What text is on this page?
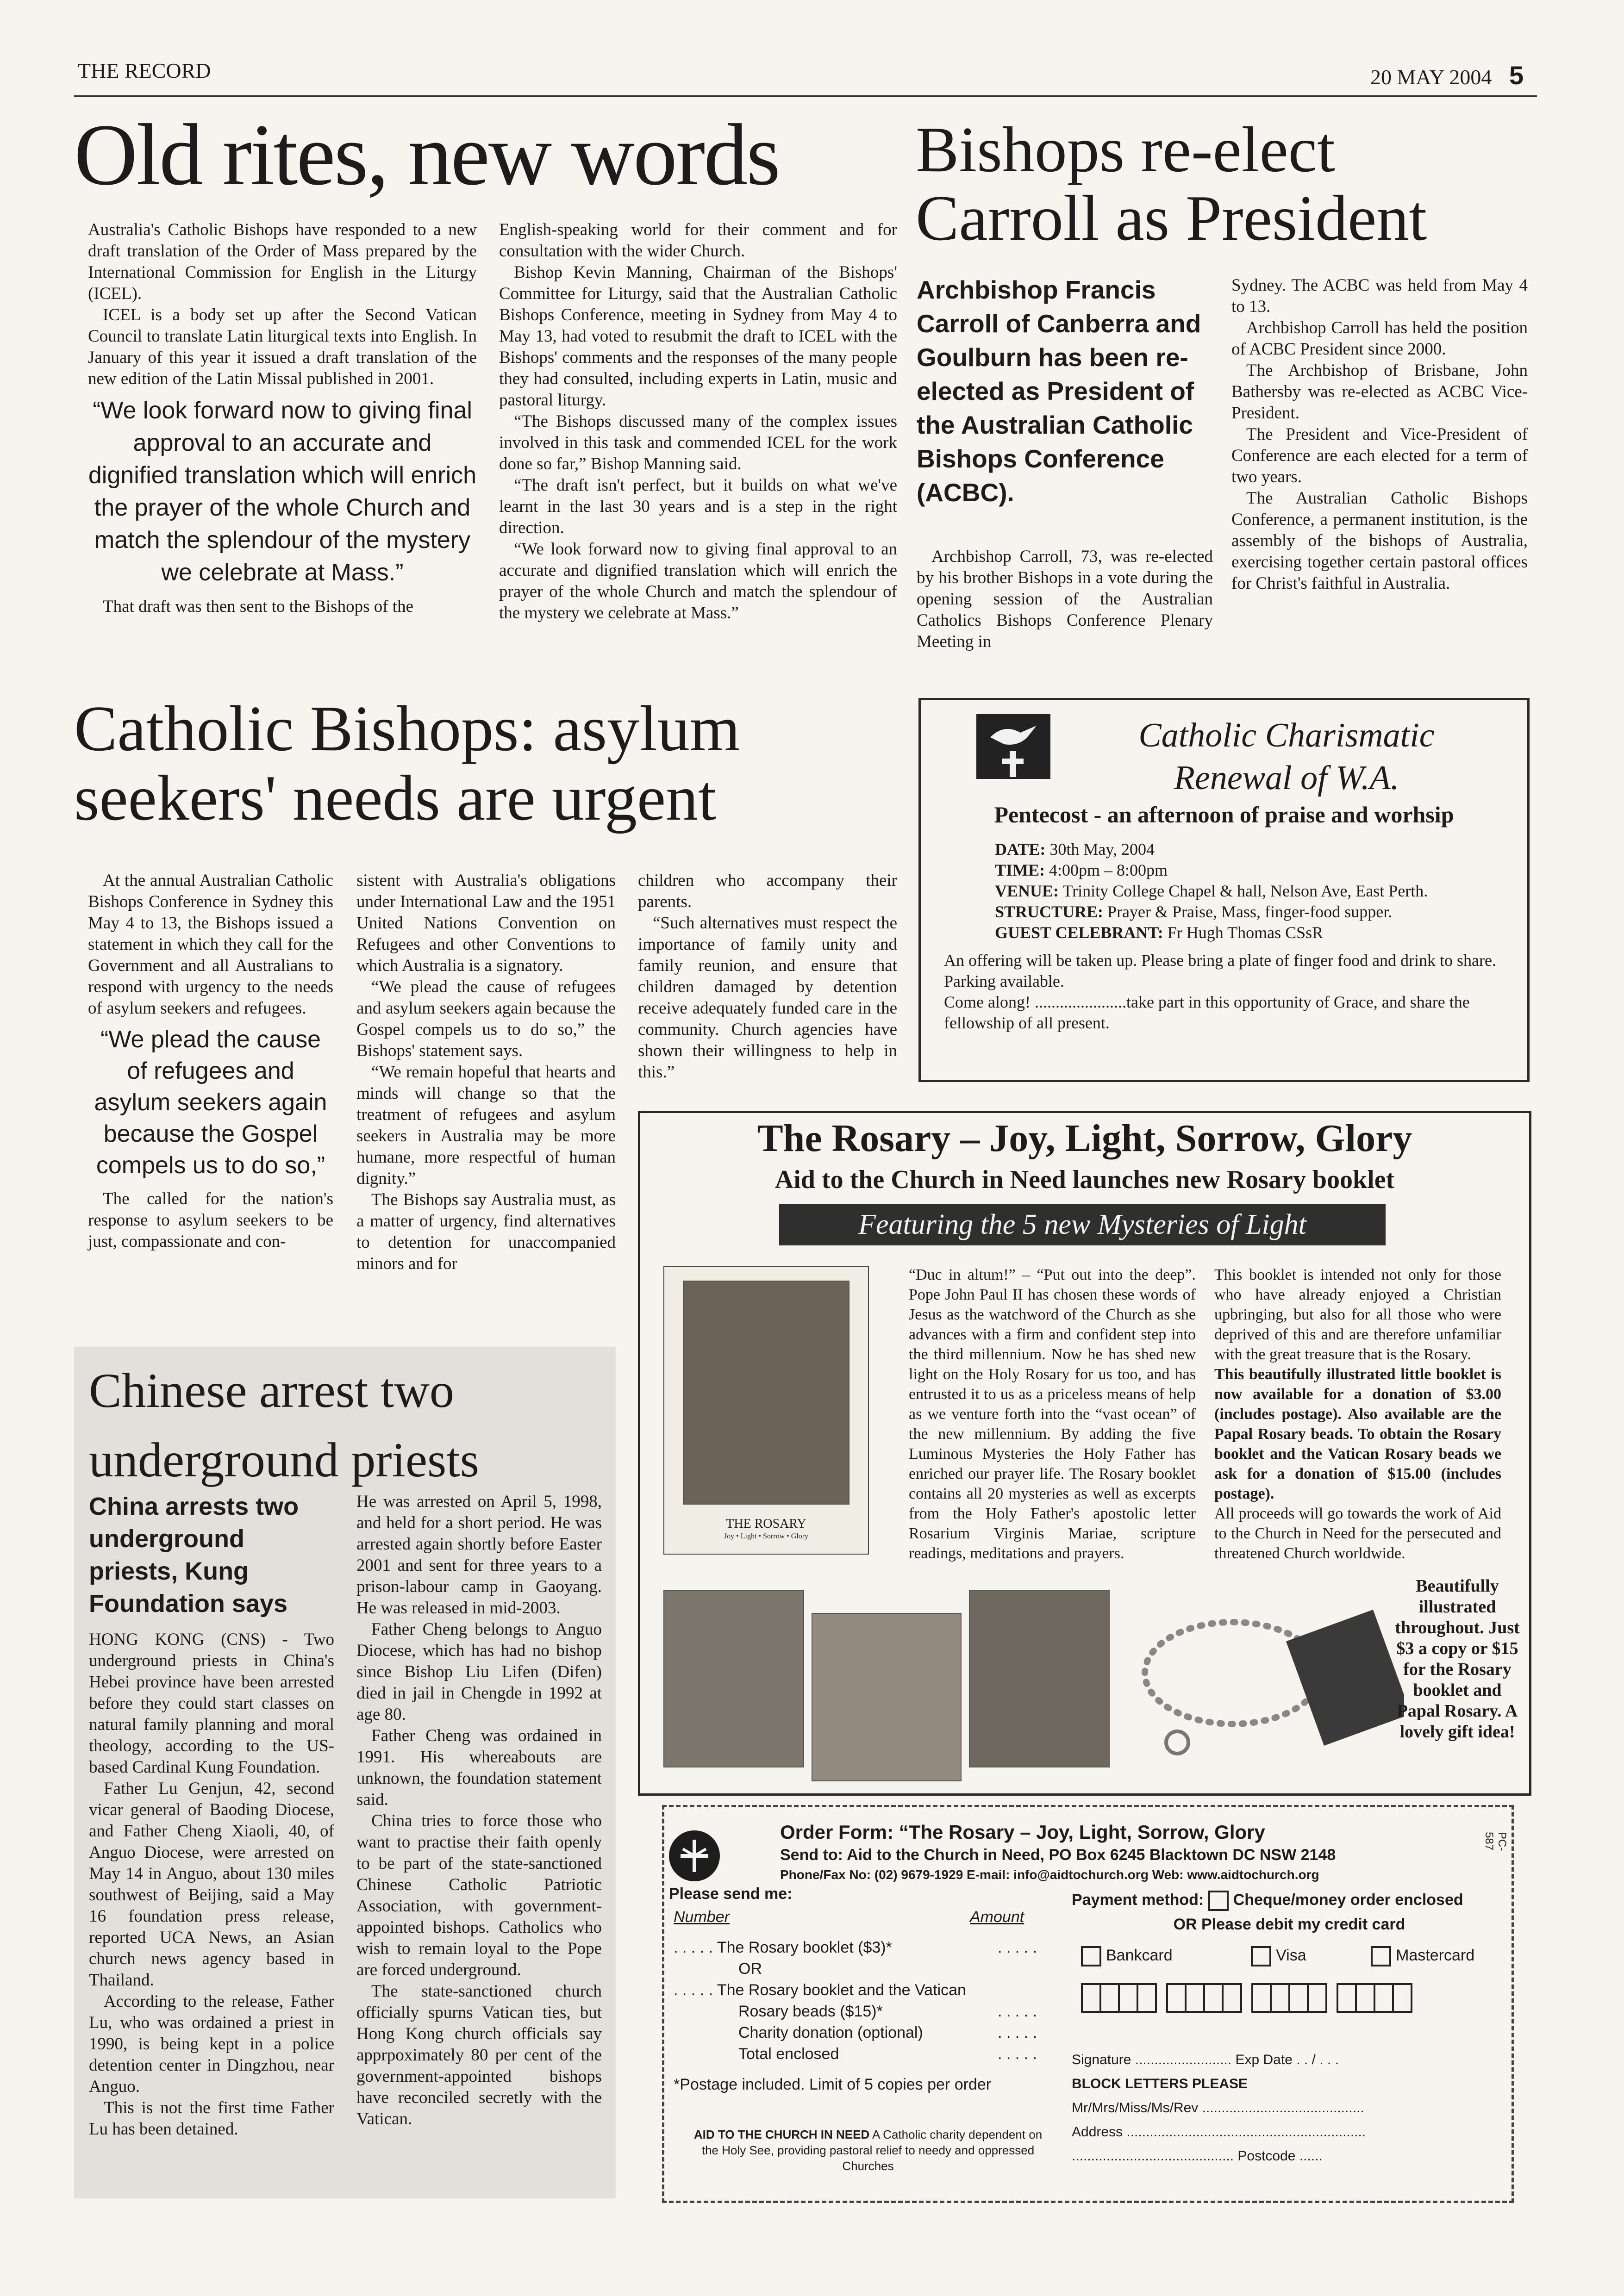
THE RECORD	20 MAY 2004 5
Old rites, new words

Australia's Catholic Bishops have responded to a new draft translation of the Order of Mass prepared by the International Commission for English in the Liturgy (ICEL).

ICEL is a body set up after the Second Vatican Council to translate Latin liturgical texts into English. In January of this year it issued a draft translation of the new edition of the Latin Missal published in 2001.

“We look forward now to giving final approval to an accurate and dignified translation which will enrich the prayer of the whole Church and match the splendour of the mystery we celebrate at Mass.”

That draft was then sent to the Bishops of the

English-speaking world for their comment and for consultation with the wider Church.

Bishop Kevin Manning, Chairman of the Bishops' Committee for Liturgy, said that the Australian Catholic Bishops Conference, meeting in Sydney from May 4 to May 13, had voted to resubmit the draft to ICEL with the Bishops' comments and the responses of the many people they had consulted, including experts in Latin, music and pastoral liturgy.

“The Bishops discussed many of the complex issues involved in this task and commended ICEL for the work done so far,” Bishop Manning said.

“The draft isn't perfect, but it builds on what we've learnt in the last 30 years and is a step in the right direction.

“We look forward now to giving final approval to an accurate and dignified translation which will enrich the prayer of the whole Church and match the splendour of the mystery we celebrate at Mass.”

Bishops re-elect Carroll as President
Archbishop Francis Carroll of Canberra and Goulburn has been re-elected as President of the Australian Catholic Bishops Conference (ACBC).

Archbishop Carroll, 73, was re-elected by his brother Bishops in a vote during the opening session of the Australian Catholics Bishops Conference Plenary Meeting in

Sydney. The ACBC was held from May 4 to 13.

Archbishop Carroll has held the position of ACBC President since 2000.

The Archbishop of Brisbane, John Bathersby was re-elected as ACBC Vice-President.

The President and Vice-President of Conference are each elected for a term of two years.

The Australian Catholic Bishops Conference, a permanent institution, is the assembly of the bishops of Australia, exercising together certain pastoral offices for Christ's faithful in Australia.

Catholic Bishops: asylum seekers' needs are urgent

At the annual Australian Catholic Bishops Conference in Sydney this May 4 to 13, the Bishops issued a statement in which they call for the Government and all Australians to respond with urgency to the needs of asylum seekers and refugees.

“We plead the cause of refugees and asylum seekers again because the Gospel compels us to do so,”

The called for the nation's response to asylum seekers to be just, compassionate and con-

sistent with Australia's obligations under International Law and the 1951 United Nations Convention on Refugees and other Conventions to which Australia is a signatory.

“We plead the cause of refugees and asylum seekers again because the Gospel compels us to do so,” the Bishops' statement says.

“We remain hopeful that hearts and minds will change so that the treatment of refugees and asylum seekers in Australia may be more humane, more respectful of human dignity.”

The Bishops say Australia must, as a matter of urgency, find alternatives to detention for unaccompanied minors and for

children who accompany their parents.

“Such alternatives must respect the importance of family unity and family reunion, and ensure that children damaged by detention receive adequately funded care in the community. Church agencies have shown their willingness to help in this.”

Catholic Charismatic
Renewal of W.A.
Pentecost - an afternoon of praise and worhsip
DATE: 30th May, 2004
TIME: 4:00pm – 8:00pm
VENUE: Trinity College Chapel & hall, Nelson Ave, East Perth.
STRUCTURE: Prayer & Praise, Mass, finger-food supper.
GUEST CELEBRANT: Fr Hugh Thomas CSsR
An offering will be taken up. Please bring a plate of finger food and drink to share. Parking available.
Come along! ......................take part in this opportunity of Grace, and share the fellowship of all present.
The Rosary – Joy, Light, Sorrow, Glory
Aid to the Church in Need launches new Rosary booklet
Featuring the 5 new Mysteries of Light
THE ROSARY
Joy • Light • Sorrow • Glory
“Duc in altum!” – “Put out into the deep”. Pope John Paul II has chosen these words of Jesus as the watchword of the Church as she advances with a firm and confident step into the third millennium. Now he has shed new light on the Holy Rosary for us too, and has entrusted it to us as a priceless means of help as we venture forth into the “vast ocean” of the new millennium. By adding the five Luminous Mysteries the Holy Father has enriched our prayer life. The Rosary booklet contains all 20 mysteries as well as excerpts from the Holy Father's apostolic letter Rosarium Virginis Mariae, scripture readings, meditations and prayers.
This booklet is intended not only for those who have already enjoyed a Christian upbringing, but also for all those who were deprived of this and are therefore unfamiliar with the great treasure that is the Rosary.
This beautifully illustrated little booklet is now available for a donation of $3.00 (includes postage). Also available are the Papal Rosary beads. To obtain the Rosary booklet and the Vatican Rosary beads we ask for a donation of $15.00 (includes postage).
All proceeds will go towards the work of Aid to the Church in Need for the persecuted and threatened Church worldwide.
Beautifully illustrated throughout. Just $3 a copy or $15 for the Rosary booklet and Papal Rosary. A lovely gift idea!
Order Form: “The Rosary – Joy, Light, Sorrow, Glory
Send to: Aid to the Church in Need, PO Box 6245 Blacktown DC NSW 2148
Phone/Fax No: (02) 9679-1929 E-mail: info@aidtochurch.org Web: www.aidtochurch.org
PC-587
Please send me:
Number	Amount
. . . . . The Rosary booklet ($3)*	. . . . .
OR
. . . . . The Rosary booklet and the Vatican
Rosary beads ($15)*	. . . . .
Charity donation (optional)	. . . . .
Total enclosed	. . . . .
*Postage included. Limit of 5 copies per order
AID TO THE CHURCH IN NEED A Catholic charity dependent on the Holy See, providing pastoral relief to needy and oppressed Churches
Payment method: Cheque/money order enclosed
OR Please debit my credit card
Bankcard	Visa	Mastercard

Signature ......................... Exp Date . . / . . .
BLOCK LETTERS PLEASE
Mr/Mrs/Miss/Ms/Rev ..........................................
Address ..............................................................
.......................................... Postcode ......
Chinese arrest two underground priests
China arrests two underground priests, Kung Foundation says

HONG KONG (CNS) - Two underground priests in China's Hebei province have been arrested before they could start classes on natural family planning and moral theology, according to the US-based Cardinal Kung Foundation.

Father Lu Genjun, 42, second vicar general of Baoding Diocese, and Father Cheng Xiaoli, 40, of Anguo Diocese, were arrested on May 14 in Anguo, about 130 miles southwest of Beijing, said a May 16 foundation press release, reported UCA News, an Asian church news agency based in Thailand.

According to the release, Father Lu, who was ordained a priest in 1990, is being kept in a police detention center in Dingzhou, near Anguo.

This is not the first time Father Lu has been detained.

He was arrested on April 5, 1998, and held for a short period. He was arrested again shortly before Easter 2001 and sent for three years to a prison-labour camp in Gaoyang. He was released in mid-2003.

Father Cheng belongs to Anguo Diocese, which has had no bishop since Bishop Liu Lifen (Difen) died in jail in Chengde in 1992 at age 80.

Father Cheng was ordained in 1991. His whereabouts are unknown, the foundation statement said.

China tries to force those who want to practise their faith openly to be part of the state-sanctioned Chinese Catholic Patriotic Association, with government-appointed bishops. Catholics who wish to remain loyal to the Pope are forced underground.

The state-sanctioned church officially spurns Vatican ties, but Hong Kong church officials say apprpoximately 80 per cent of the government-appointed bishops have reconciled secretly with the Vatican.
